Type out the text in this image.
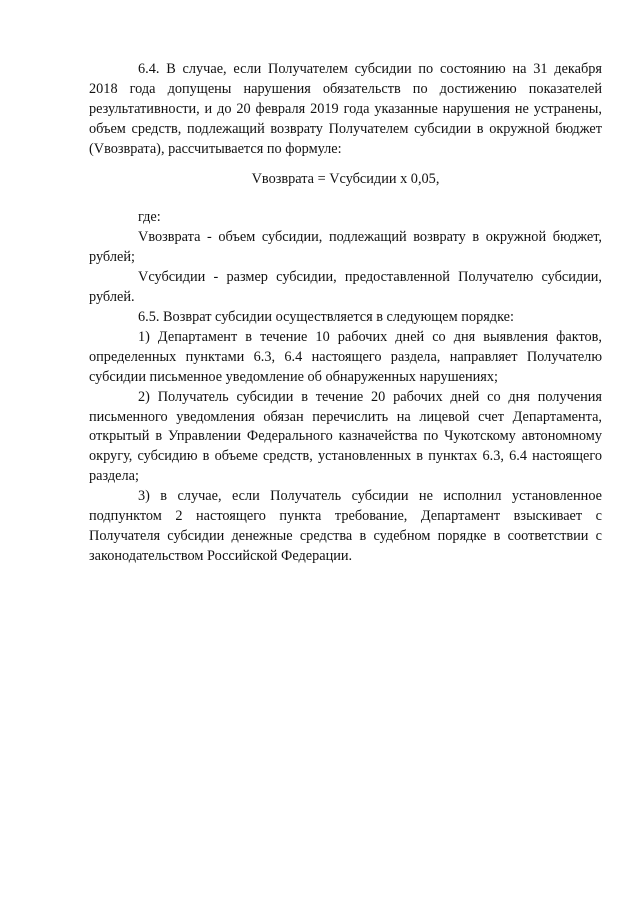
6.4. В случае, если Получателем субсидии по состоянию на 31 декабря 2018 года допущены нарушения обязательств по достижению показателей результативности, и до 20 февраля 2019 года указанные нарушения не устранены, объем средств, подлежащий возврату Получателем субсидии в окружной бюджет (Vвозврата), рассчитывается по формуле:

Vвозврата = Vсубсидии x 0,05,

где:

Vвозврата - объем субсидии, подлежащий возврату в окружной бюджет, рублей;

Vсубсидии - размер субсидии, предоставленной Получателю субсидии, рублей.

6.5. Возврат субсидии осуществляется в следующем порядке:

1) Департамент в течение 10 рабочих дней со дня выявления фактов, определенных пунктами 6.3, 6.4 настоящего раздела, направляет Получателю субсидии письменное уведомление об обнаруженных нарушениях;

2) Получатель субсидии в течение 20 рабочих дней со дня получения письменного уведомления обязан перечислить на лицевой счет Департамента, открытый в Управлении Федерального казначейства по Чукотскому автономному округу, субсидию в объеме средств, установленных в пунктах 6.3, 6.4 настоящего раздела;

3) в случае, если Получатель субсидии не исполнил установленное подпунктом 2 настоящего пункта требование, Департамент взыскивает с Получателя субсидии денежные средства в судебном порядке в соответствии с законодательством Российской Федерации.
